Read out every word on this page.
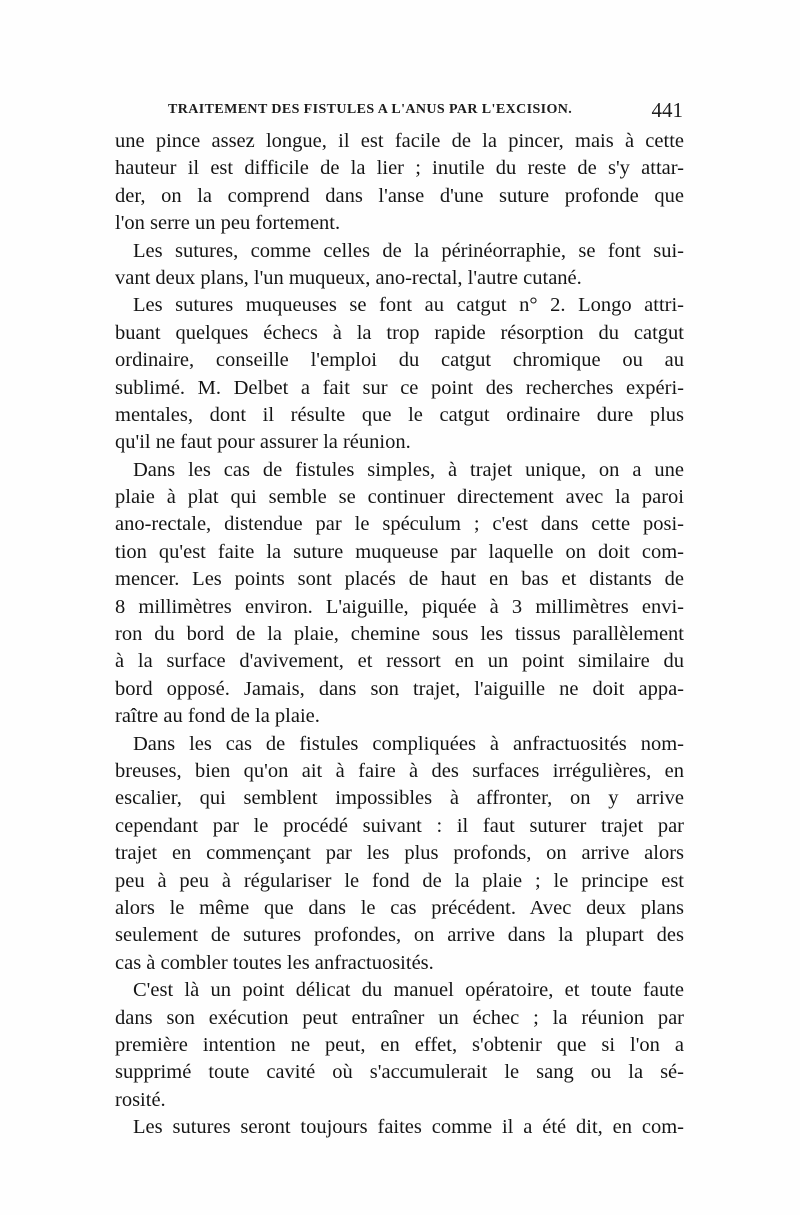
TRAITEMENT DES FISTULES A L'ANUS PAR L'EXCISION.	441
une pince assez longue, il est facile de la pincer, mais à cette
hauteur il est difficile de la lier ; inutile du reste de s'y attar-
der, on la comprend dans l'anse d'une suture profonde que
l'on serre un peu fortement.
Les sutures, comme celles de la périnéorraphie, se font sui-
vant deux plans, l'un muqueux, ano-rectal, l'autre cutané.
Les sutures muqueuses se font au catgut n° 2. Longo attri-
buant quelques échecs à la trop rapide résorption du catgut
ordinaire, conseille l'emploi du catgut chromique ou au
sublimé. M. Delbet a fait sur ce point des recherches expéri-
mentales, dont il résulte que le catgut ordinaire dure plus
qu'il ne faut pour assurer la réunion.
Dans les cas de fistules simples, à trajet unique, on a une
plaie à plat qui semble se continuer directement avec la paroi
ano-rectale, distendue par le spéculum ; c'est dans cette posi-
tion qu'est faite la suture muqueuse par laquelle on doit com-
mencer. Les points sont placés de haut en bas et distants de
8 millimètres environ. L'aiguille, piquée à 3 millimètres envi-
ron du bord de la plaie, chemine sous les tissus parallèlement
à la surface d'avivement, et ressort en un point similaire du
bord opposé. Jamais, dans son trajet, l'aiguille ne doit appa-
raître au fond de la plaie.
Dans les cas de fistules compliquées à anfractuosités nom-
breuses, bien qu'on ait à faire à des surfaces irrégulières, en
escalier, qui semblent impossibles à affronter, on y arrive
cependant par le procédé suivant : il faut suturer trajet par
trajet en commençant par les plus profonds, on arrive alors
peu à peu à régulariser le fond de la plaie ; le principe est
alors le même que dans le cas précédent. Avec deux plans
seulement de sutures profondes, on arrive dans la plupart des
cas à combler toutes les anfractuosités.
C'est là un point délicat du manuel opératoire, et toute faute
dans son exécution peut entraîner un échec ; la réunion par
première intention ne peut, en effet, s'obtenir que si l'on a
supprimé toute cavité où s'accumulerait le sang ou la sé-
rosité.
Les sutures seront toujours faites comme il a été dit, en com-
